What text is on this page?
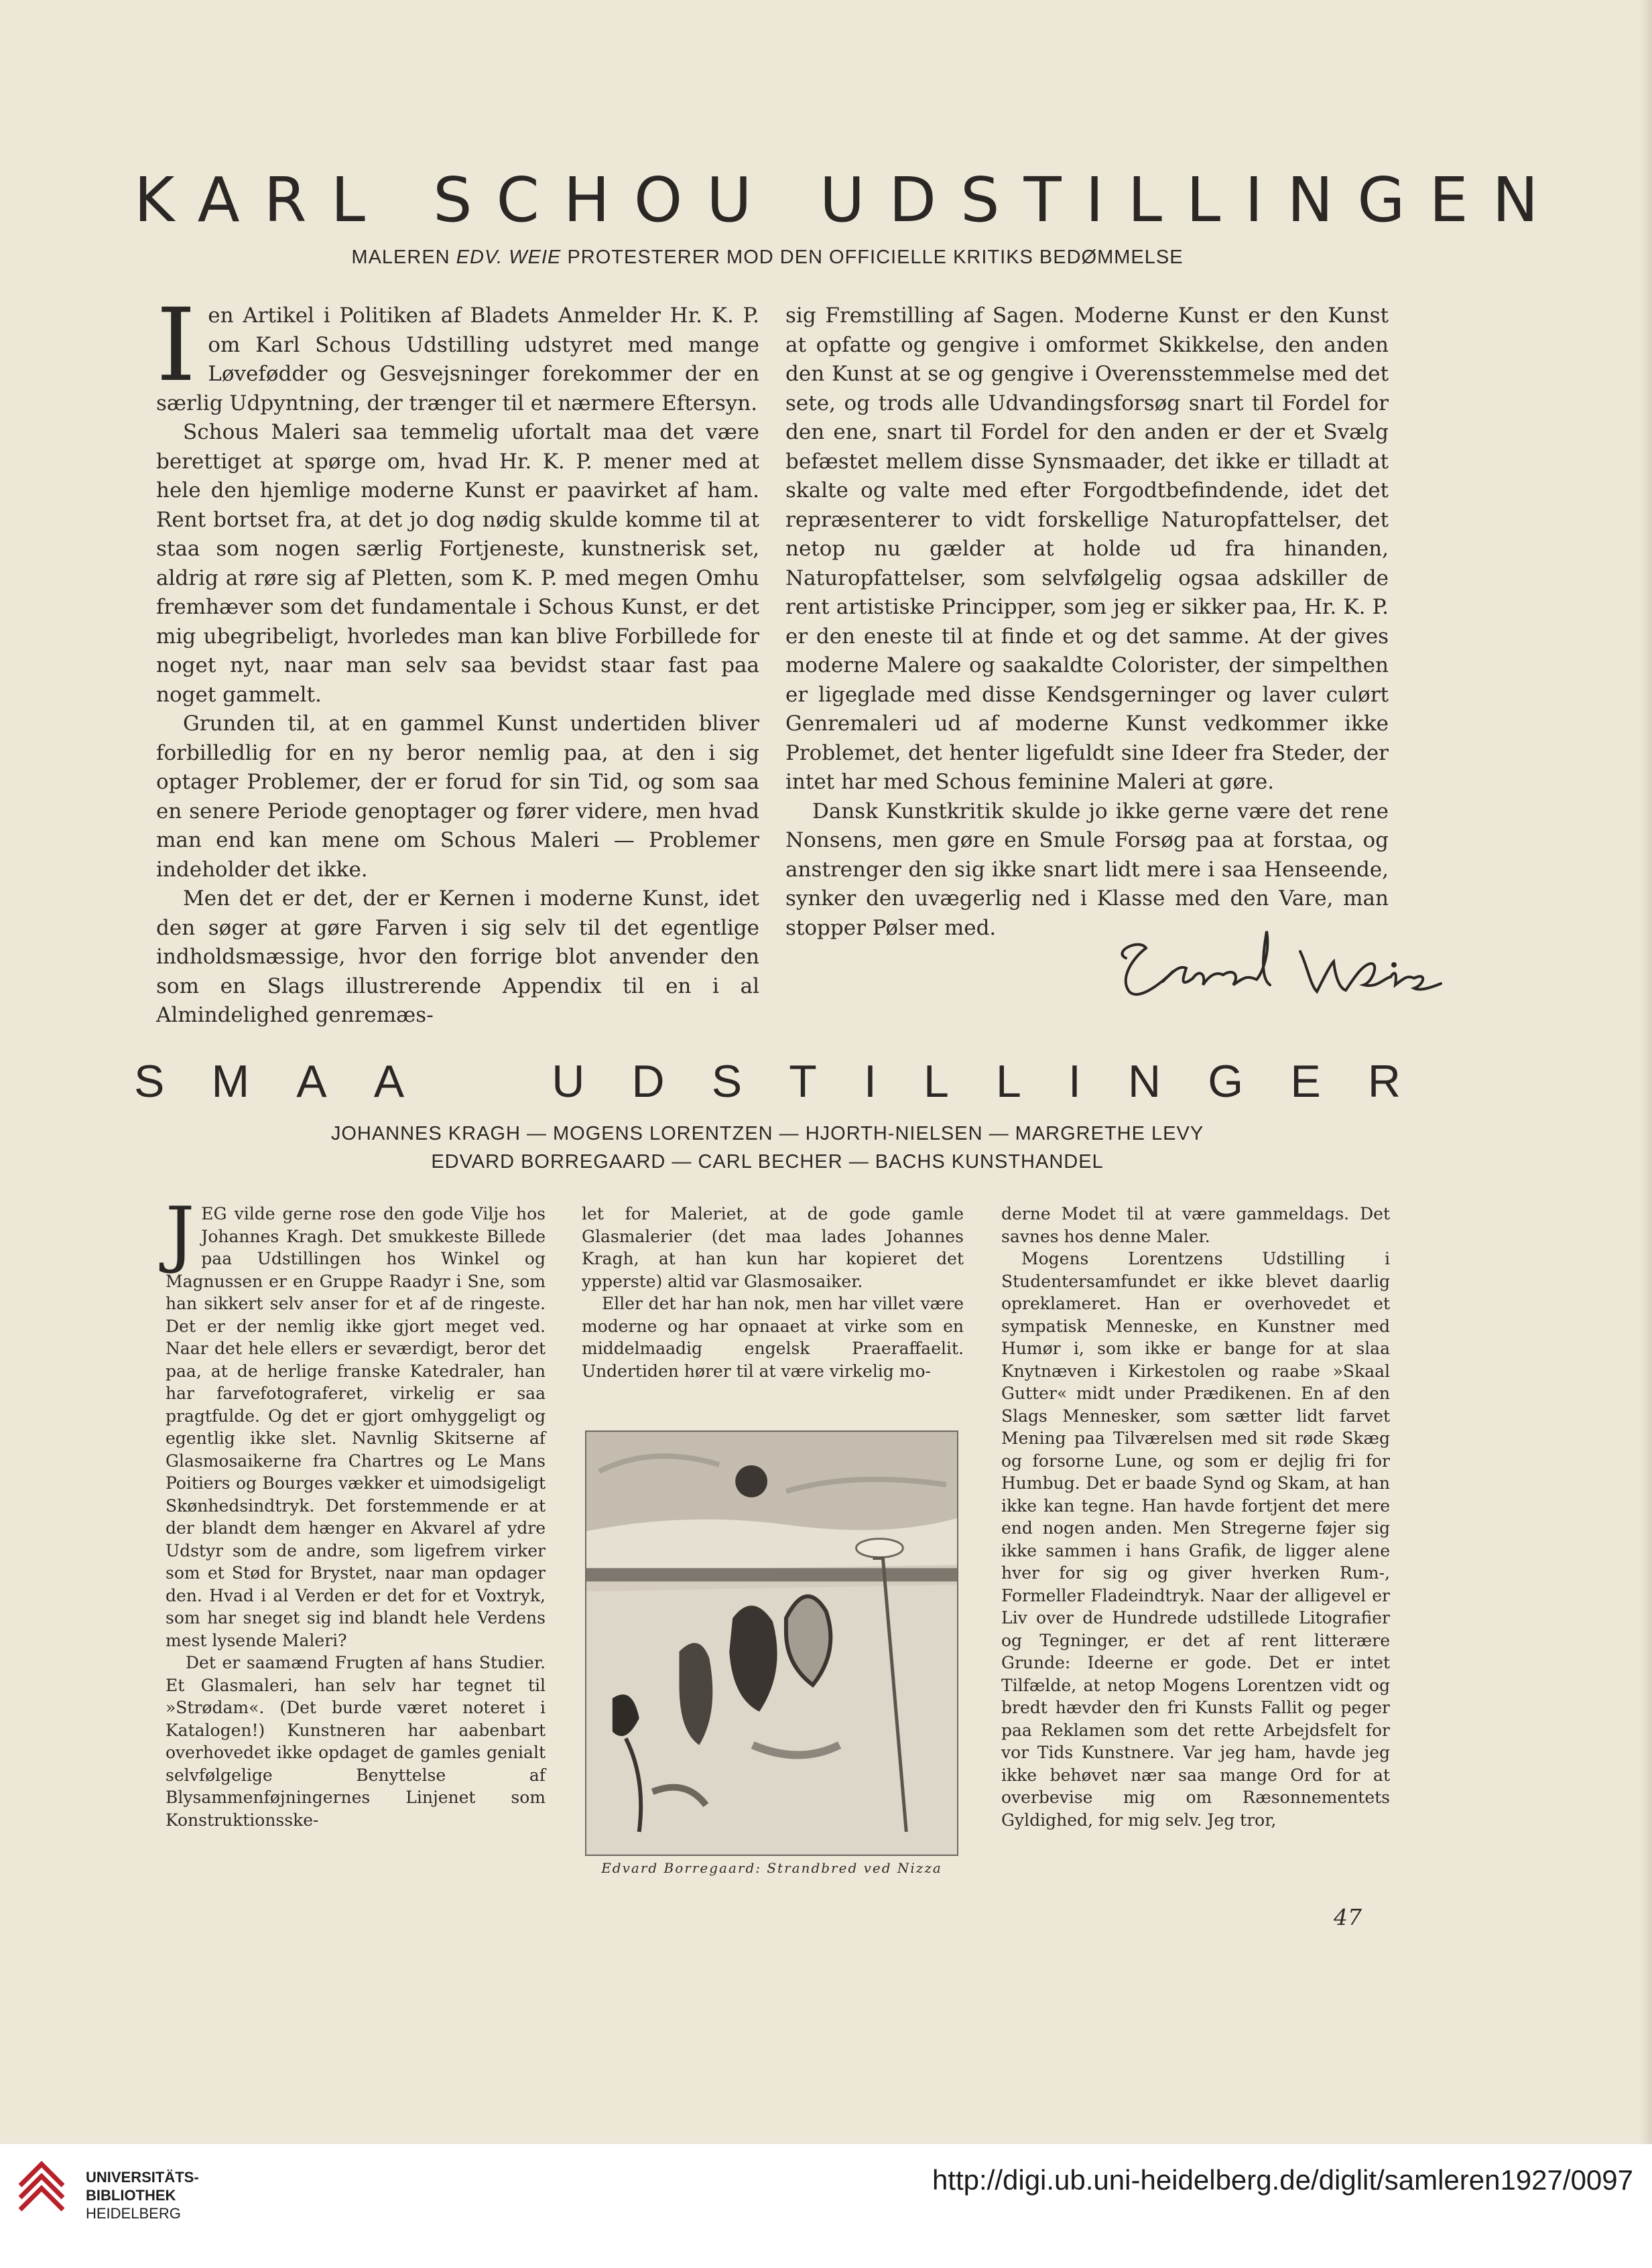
KARL SCHOU UDSTILLINGEN
MALEREN EDV. WEIE PROTESTERER MOD DEN OFFICIELLE KRITIKS BEDØMMELSE
I en Artikel i Politiken af Bladets Anmelder Hr. K. P. om Karl Schous Udstilling udstyret med mange Løvefødder og Gesvejsninger forekommer der en særlig Udpyntning, der trænger til et nærmere Eftersyn.

Schous Maleri saa temmelig ufortalt maa det være berettiget at spørge om, hvad Hr. K. P. mener med at hele den hjemlige moderne Kunst er paavirket af ham. Rent bortset fra, at det jo dog nødig skulde komme til at staa som nogen særlig Fortjeneste, kunstnerisk set, aldrig at røre sig af Pletten, som K. P. med megen Omhu fremhæver som det fundamentale i Schous Kunst, er det mig ubegribeligt, hvorledes man kan blive Forbillede for noget nyt, naar man selv saa bevidst staar fast paa noget gammelt.

Grunden til, at en gammel Kunst undertiden bliver forbilledlig for en ny beror nemlig paa, at den i sig optager Problemer, der er forud for sin Tid, og som saa en senere Periode genoptager og fører videre, men hvad man end kan mene om Schous Maleri — Problemer indeholder det ikke.

Men det er det, der er Kernen i moderne Kunst, idet den søger at gøre Farven i sig selv til det egentlige indholdsmæssige, hvor den forrige blot anvender den som en Slags illustrerende Appendix til en i al Almindelighed genremæs-

sig Fremstilling af Sagen. Moderne Kunst er den Kunst at opfatte og gengive i omformet Skikkelse, den anden den Kunst at se og gengive i Overensstemmelse med det sete, og trods alle Udvandingsforsøg snart til Fordel for den ene, snart til Fordel for den anden er der et Svælg befæstet mellem disse Synsmaader, det ikke er tilladt at skalte og valte med efter Forgodtbefindende, idet det repræsenterer to vidt forskellige Naturopfattelser, det netop nu gælder at holde ud fra hinanden, Naturopfattelser, som selvfølgelig ogsaa adskiller de rent artistiske Principper, som jeg er sikker paa, Hr. K. P. er den eneste til at finde et og det samme. At der gives moderne Malere og saakaldte Colorister, der simpelthen er ligeglade med disse Kendsgerninger og laver culørt Genremaleri ud af moderne Kunst vedkommer ikke Problemet, det henter ligefuldt sine Ideer fra Steder, der intet har med Schous feminine Maleri at gøre.

Dansk Kunstkritik skulde jo ikke gerne være det rene Nonsens, men gøre en Smule Forsøg paa at forstaa, og anstrenger den sig ikke snart lidt mere i saa Henseende, synker den uvægerlig ned i Klasse med den Vare, man stopper Pølser med.

S M A A	U D S T I L L I N G E R
JOHANNES KRAGH — MOGENS LORENTZEN — HJORTH-NIELSEN — MARGRETHE LEVY
EDVARD BORREGAARD — CARL BECHER — BACHS KUNSTHANDEL
J EG vilde gerne rose den gode Vilje hos Johannes Kragh. Det smukkeste Billede paa Udstillingen hos Winkel og Magnussen er en Gruppe Raadyr i Sne, som han sikkert selv anser for et af de ringeste. Det er der nemlig ikke gjort meget ved. Naar det hele ellers er seværdigt, beror det paa, at de herlige franske Katedraler, han har farvefotograferet, virkelig er saa pragtfulde. Og det er gjort omhyggeligt og egentlig ikke slet. Navnlig Skitserne af Glasmosaikerne fra Chartres og Le Mans Poitiers og Bourges vækker et uimodsigeligt Skønhedsindtryk. Det forstemmende er at der blandt dem hænger en Akvarel af ydre Udstyr som de andre, som ligefrem virker som et Stød for Brystet, naar man opdager den. Hvad i al Verden er det for et Voxtryk, som har sneget sig ind blandt hele Verdens mest lysende Maleri?

Det er saamænd Frugten af hans Studier. Et Glasmaleri, han selv har tegnet til »Strødam«. (Det burde været noteret i Katalogen!) Kunstneren har aabenbart overhovedet ikke opdaget de gamles genialt selvfølgelige Benyttelse af Blysammenføjningernes Linjenet som Konstruktionsske-

let for Maleriet, at de gode gamle Glasmalerier (det maa lades Johannes Kragh, at han kun har kopieret det ypperste) altid var Glasmosaiker.

Eller det har han nok, men har villet være moderne og har opnaaet at virke som en middelmaadig engelsk Praeraffaelit. Undertiden hører til at være virkelig mo-

Edvard Borregaard: Strandbred ved Nizza

derne Modet til at være gammeldags. Det savnes hos denne Maler.

Mogens Lorentzens Udstilling i Studentersamfundet er ikke blevet daarlig opreklameret. Han er overhovedet et sympatisk Menneske, en Kunstner med Humør i, som ikke er bange for at slaa Knytnæven i Kirkestolen og raabe »Skaal Gutter« midt under Prædikenen. En af den Slags Mennesker, som sætter lidt farvet Mening paa Tilværelsen med sit røde Skæg og forsorne Lune, og som er dejlig fri for Humbug. Det er baade Synd og Skam, at han ikke kan tegne. Han havde fortjent det mere end nogen anden. Men Stregerne føjer sig ikke sammen i hans Grafik, de ligger alene hver for sig og giver hverken Rum-, Formeller Fladeindtryk. Naar der alligevel er Liv over de Hundrede udstillede Litografier og Tegninger, er det af rent litterære Grunde: Ideerne er gode. Det er intet Tilfælde, at netop Mogens Lorentzen vidt og bredt hævder den fri Kunsts Fallit og peger paa Reklamen som det rette Arbejdsfelt for vor Tids Kunstnere. Var jeg ham, havde jeg ikke behøvet nær saa mange Ord for at overbevise mig om Ræsonnementets Gyldighed, for mig selv. Jeg tror,

47
UNIVERSITÄTS-
BIBLIOTHEK
HEIDELBERG
http://digi.ub.uni-heidelberg.de/diglit/samleren1927/0097
